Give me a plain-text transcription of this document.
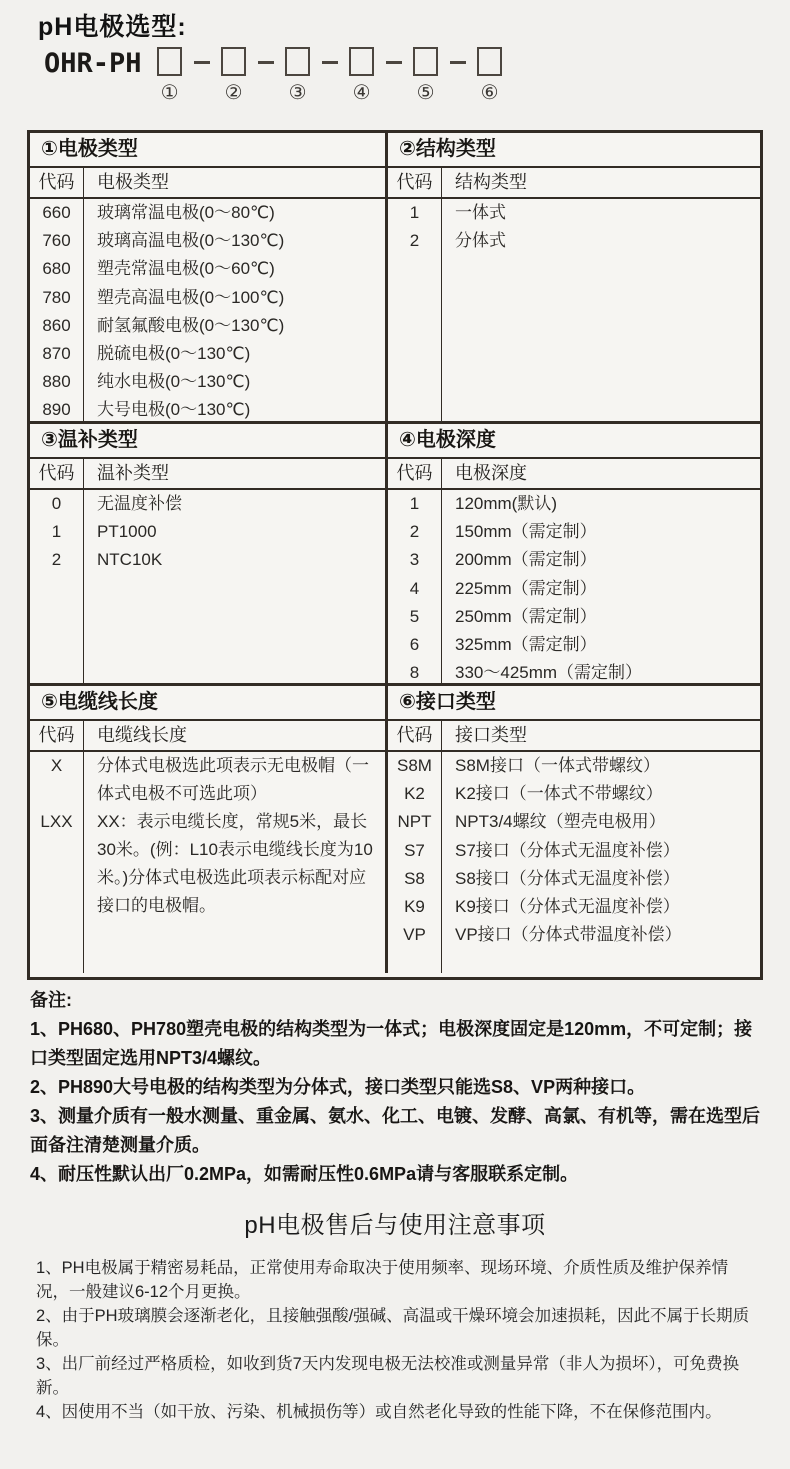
pH电极选型:
OHR-PH
① ② ③ ④ ⑤ ⑥
①电极类型
代码	电极类型
660	玻璃常温电极(0～80℃)
760	玻璃高温电极(0～130℃)
680	塑壳常温电极(0～60℃)
780	塑壳高温电极(0～100℃)
860	耐氢氟酸电极(0～130℃)
870	脱硫电极(0～130℃)
880	纯水电极(0～130℃)
890	大号电极(0～130℃)
②结构类型
代码	结构类型
1	一体式
2	分体式
③温补类型
代码	温补类型
0	无温度补偿
1	PT1000
2	NTC10K
④电极深度
代码	电极深度
1	120mm(默认)
2	150mm（需定制）
3	200mm（需定制）
4	225mm（需定制）
5	250mm（需定制）
6	325mm（需定制）
8	330～425mm（需定制）
⑤电缆线长度
代码	电缆线长度
X	分体式电极选此项表示无电极帽（一体式电极不可选此项）
LXX	XX：表示电缆长度，常规5米，最长30米。(例：L10表示电缆线长度为10米。)分体式电极选此项表示标配对应接口的电极帽。
⑥接口类型
代码	接口类型
S8M	S8M接口（一体式带螺纹）
K2	K2接口（一体式不带螺纹）
NPT	NPT3/4螺纹（塑壳电极用）
S7	S7接口（分体式无温度补偿）
S8	S8接口（分体式无温度补偿）
K9	K9接口（分体式无温度补偿）
VP	VP接口（分体式带温度补偿）
备注:
1、PH680、PH780塑壳电极的结构类型为一体式；电极深度固定是120mm，不可定制；接口类型固定选用NPT3/4螺纹。
2、PH890大号电极的结构类型为分体式，接口类型只能选S8、VP两种接口。
3、测量介质有一般水测量、重金属、氨水、化工、电镀、发酵、高氯、有机等，需在选型后面备注清楚测量介质。
4、耐压性默认出厂0.2MPa，如需耐压性0.6MPa请与客服联系定制。
pH电极售后与使用注意事项
1、PH电极属于精密易耗品，正常使用寿命取决于使用频率、现场环境、介质性质及维护保养情况，一般建议6-12个月更换。
2、由于PH玻璃膜会逐渐老化，且接触强酸/强碱、高温或干燥环境会加速损耗，因此不属于长期质保。
3、出厂前经过严格质检，如收到货7天内发现电极无法校准或测量异常（非人为损坏），可免费换新。
4、因使用不当（如干放、污染、机械损伤等）或自然老化导致的性能下降，不在保修范围内。
